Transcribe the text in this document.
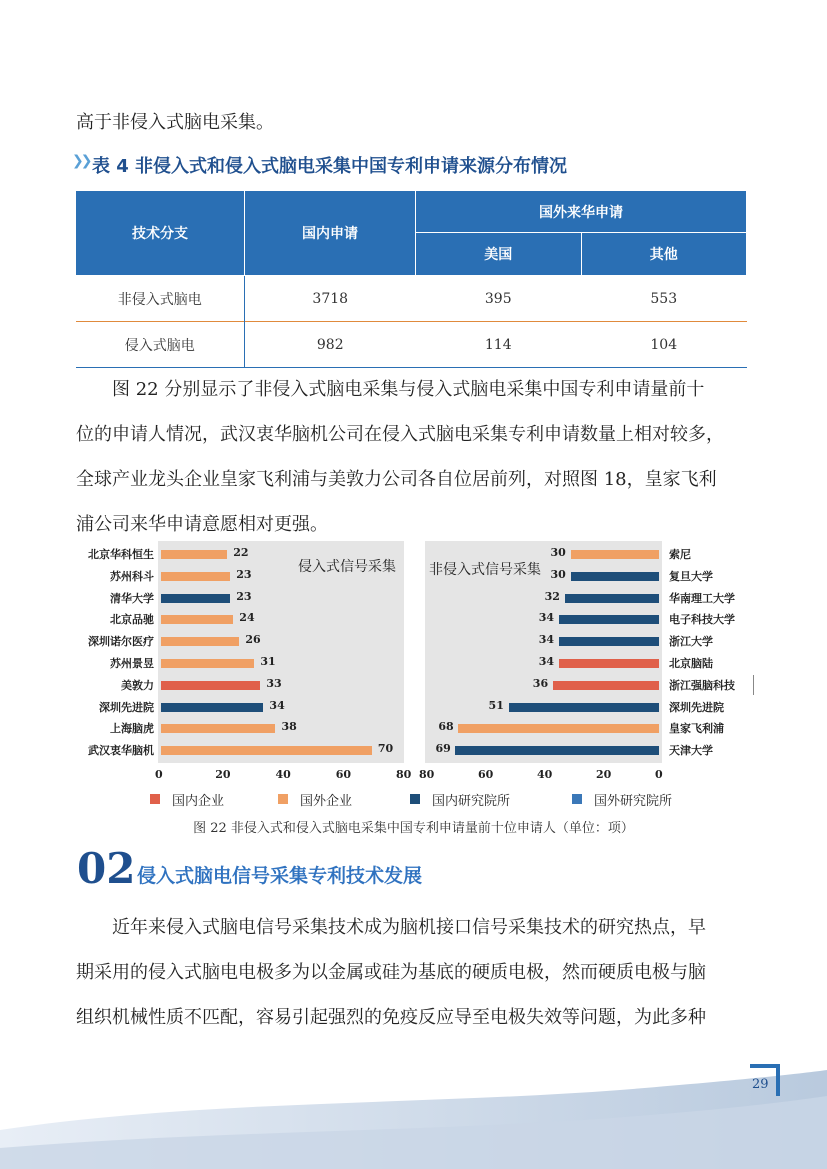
高于非侵入式脑电采集。
❯❯ 表 4 非侵入式和侵入式脑电采集中国专利申请来源分布情况
技术分支	国内申请	国外来华申请	
		美国	其他
非侵入式脑电	3718	395	553
侵入式脑电	982	114	104
图 22 分别显示了非侵入式脑电采集与侵入式脑电采集中国专利申请量前十
位的申请人情况，武汉衷华脑机公司在侵入式脑电采集专利申请数量上相对较多，
全球产业龙头企业皇家飞利浦与美敦力公司各自位居前列，对照图 18，皇家飞利
浦公司来华申请意愿相对更强。
侵入式信号采集 非侵入式信号采集
22
北京华科恒生
23
苏州科斗
23
清华大学
24
北京品驰
26
深圳诺尔医疗
31
苏州景昱
33
美敦力
34
深圳先进院
38
上海脑虎
70
武汉衷华脑机
0	20	40	60	80
30	索尼
30	复旦大学
32	华南理工大学
34	电子科技大学
34	浙江大学
34	北京脑陆
36	浙江强脑科技
51	深圳先进院
68	皇家飞利浦
69	天津大学
80	60	40	20	0
国内企业	国外企业	国内研究院所	国外研究院所
图 22 非侵入式和侵入式脑电采集中国专利申请量前十位申请人（单位：项）
02 侵入式脑电信号采集专利技术发展
近年来侵入式脑电信号采集技术成为脑机接口信号采集技术的研究热点，早
期采用的侵入式脑电电极多为以金属或硅为基底的硬质电极，然而硬质电极与脑
组织机械性质不匹配，容易引起强烈的免疫反应导至电极失效等问题，为此多种
29
